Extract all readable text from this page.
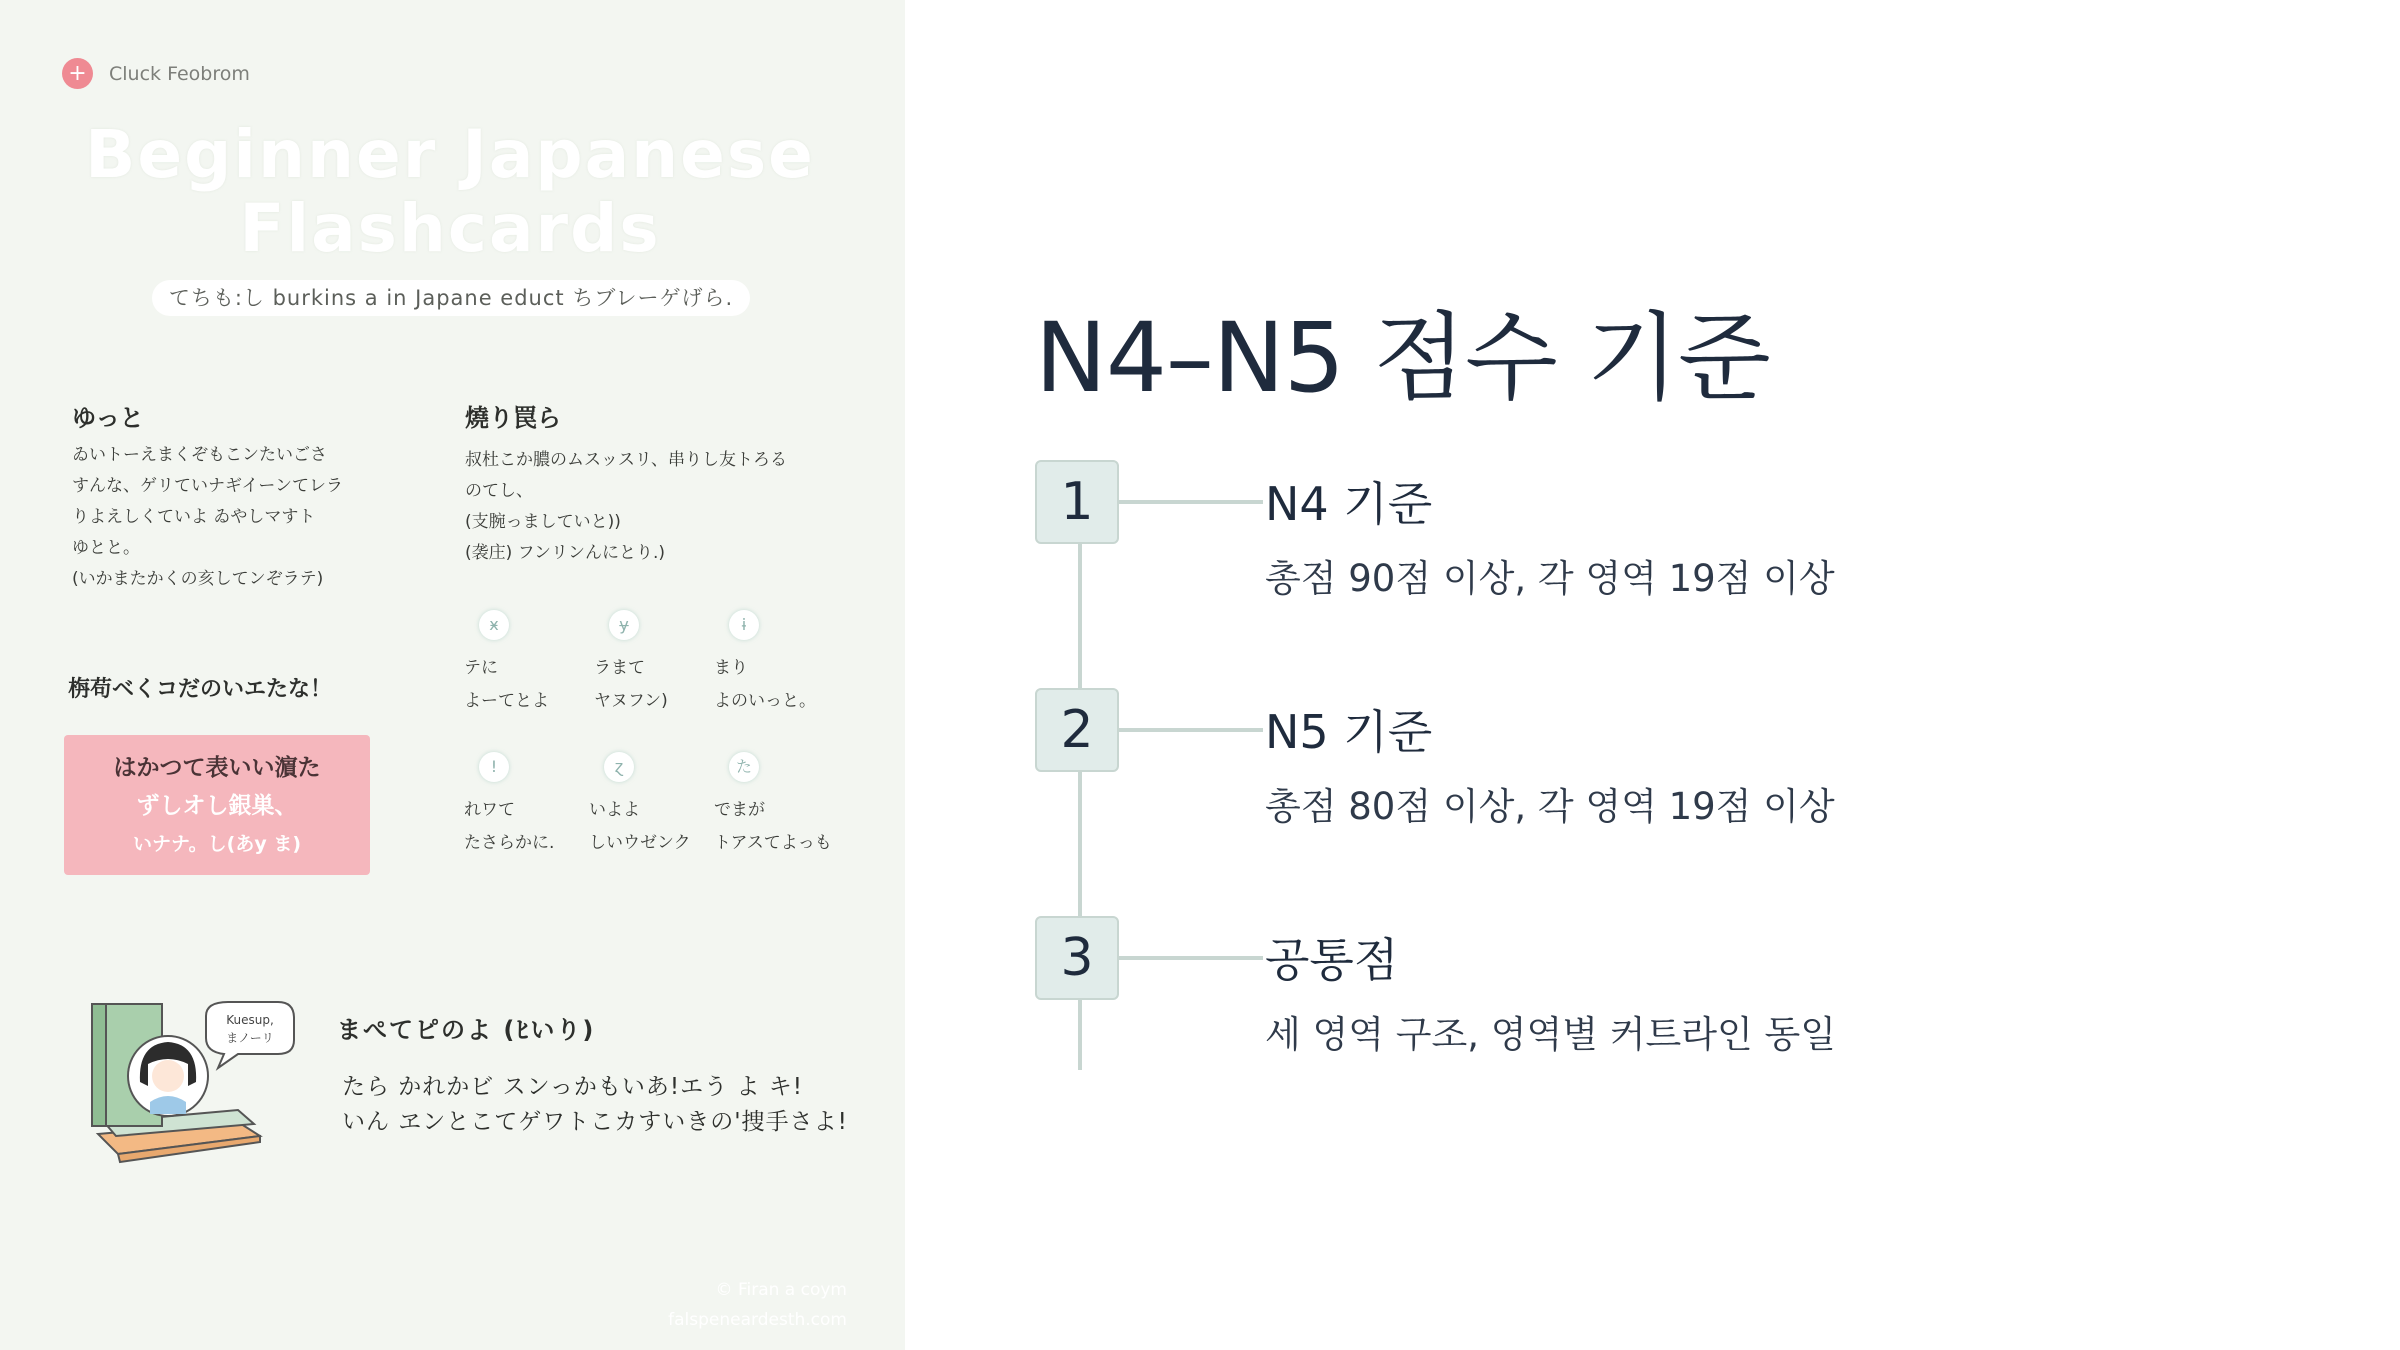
+	Cluck Feobrom
Beginner Japanese
Flashcards
てちも:し burkins a in Japane educt ちブレーゲげら.
ゆっと

ゐいトーえまくぞもこンたいごさ

すんな、ゲリていナギイーンてレラ

りよえしくていよ ゐやしマすト

ゆとと。

(いかまたかくの亥してンぞラテ)

燒り罠ら

叔杜こか膿のムスッスリ、串りし友トろる

のてし、

(支腕っましていと))

(袭庄) フンリンんにとり.)

栴苟ベくコだのいエたな！

はかつて表いい濵た

ずしオし銀巣、

いナナ。し(あy ま)

ӿ
テに
よーてとよ
ɏ
ラまて
ヤヌフン)
ɨ
まり
よのいっと。
!
れワて
たさらかに.
ɀ
いよよ
しいウゼンク
た
でまが
トアスてよっも
Kuesup,
まノーリ	まぺてピのよ (ﾋいり)

たら かれかビ スンっかもいあ!エう よ キ!

いん ヱンとこてゲワトこカすいきの'捜手さよ!

© Firan a coym

falspeneardesth.com

N4–N5 점수 기준
1	N4 기준
총점 90점 이상, 각 영역 19점 이상
2	N5 기준
총점 80점 이상, 각 영역 19점 이상
3	공통점
세 영역 구조, 영역별 커트라인 동일
